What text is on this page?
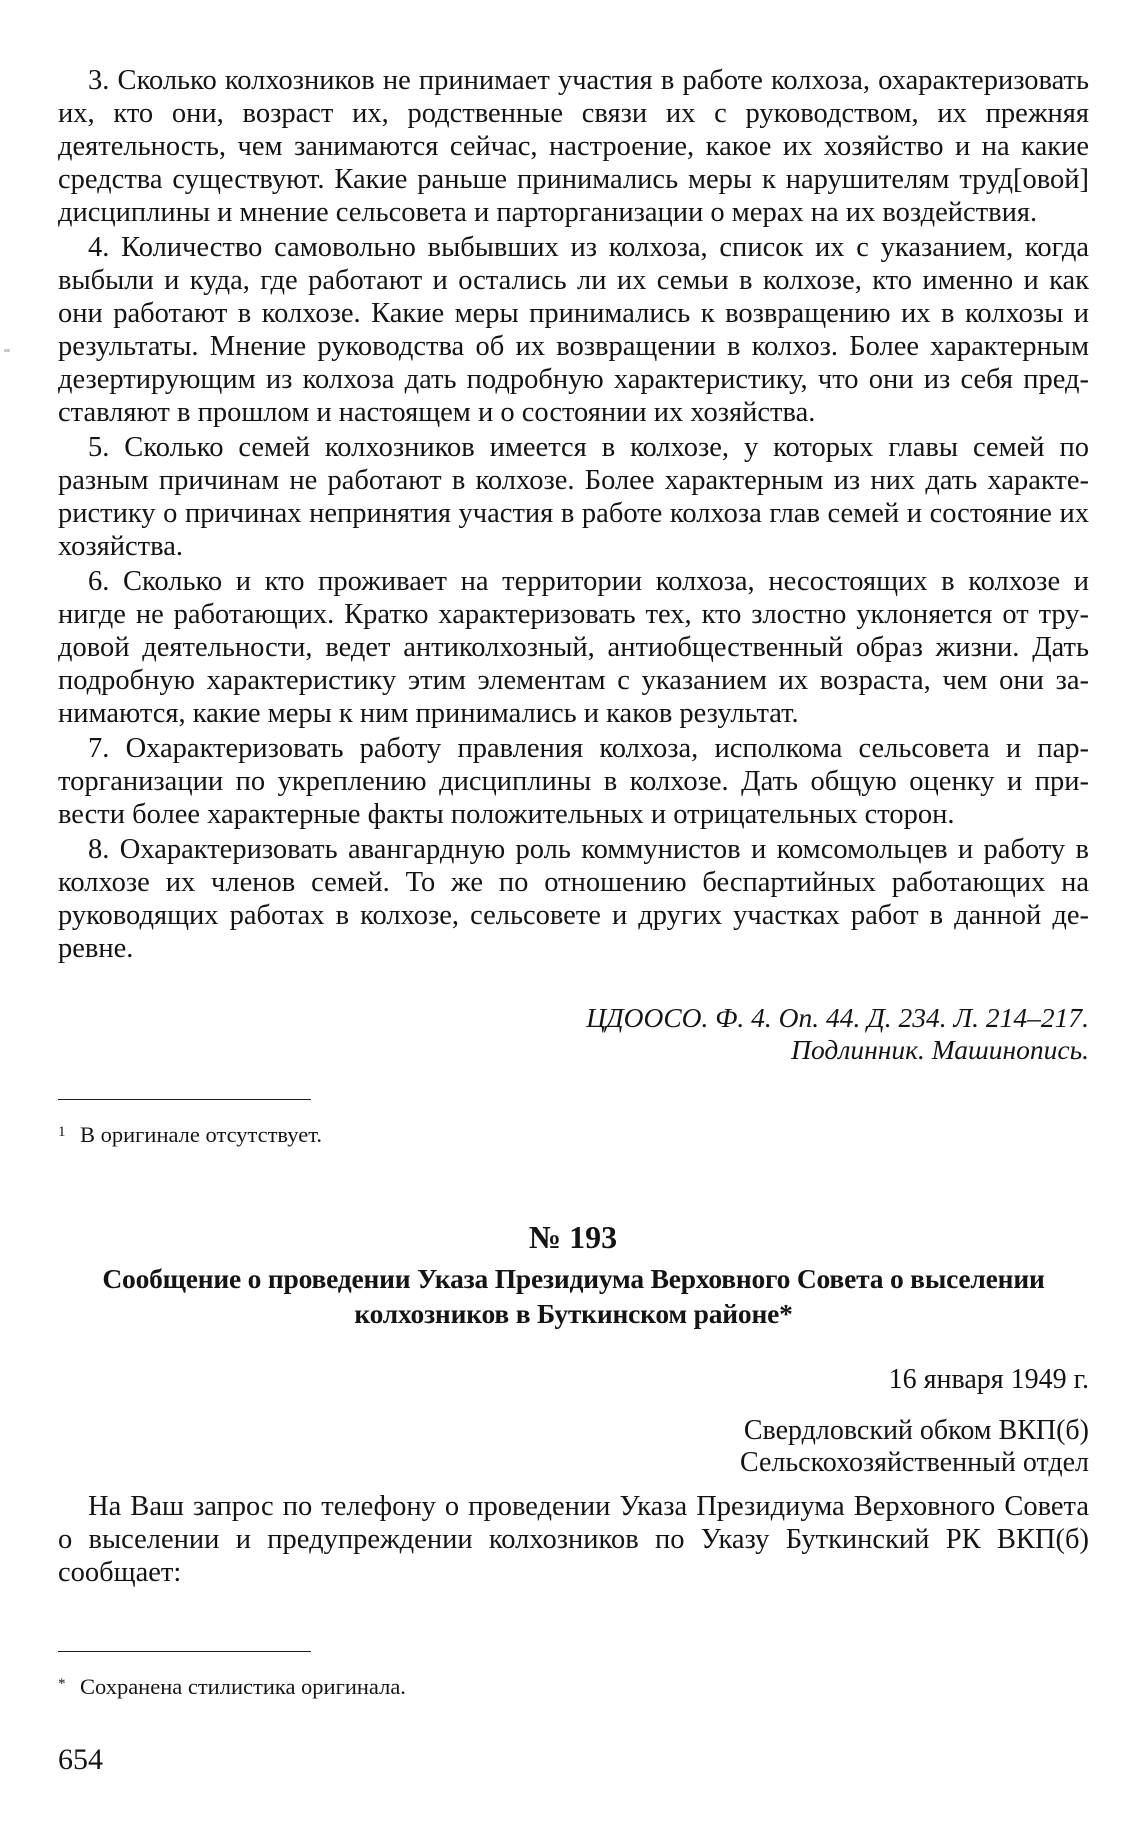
3. Сколько колхозников не принимает участия в работе колхоза, охарактеризовать их, кто они, возраст их, родственные связи их с руководством, их прежняя деятельность, чем занимаются сейчас, настроение, какое их хозяйство и на какие средства существуют. Какие раньше принимались меры к нарушителям труд[овой] дисциплины и мнение сельсовета и парторганизации о мерах на их воздействия.

4. Количество самовольно выбывших из колхоза, список их с указанием, когда выбыли и куда, где работают и остались ли их семьи в колхозе, кто именно и как они работают в колхозе. Какие меры принимались к возвращению их в колхозы и результаты. Мнение руководства об их возвращении в колхоз. Более характерным дезертирующим из колхоза дать подробную характеристику, что они из себя представляют в прошлом и настоящем и о состоянии их хозяйства.

5. Сколько семей колхозников имеется в колхозе, у которых главы семей по разным причинам не работают в колхозе. Более характерным из них дать характеристику о причинах непринятия участия в работе колхоза глав семей и состояние их хозяйства.

6. Сколько и кто проживает на территории колхоза, несостоящих в колхозе и нигде не работающих. Кратко характеризовать тех, кто злостно уклоняется от трудовой деятельности, ведет антиколхозный, антиобщественный образ жизни. Дать подробную характеристику этим элементам с указанием их возраста, чем они занимаются, какие меры к ним принимались и каков результат.

7. Охарактеризовать работу правления колхоза, исполкома сельсовета и парторганизации по укреплению дисциплины в колхозе. Дать общую оценку и привести более характерные факты положительных и отрицательных сторон.

8. Охарактеризовать авангардную роль коммунистов и комсомольцев и работу в колхозе их членов семей. То же по отношению беспартийных работающих на руководящих работах в колхозе, сельсовете и других участках работ в данной деревне.

ЦДООСО. Ф. 4. Оп. 44. Д. 234. Л. 214–217.
Подлинник. Машинопись.
1 В оригинале отсутствует.
№ 193
Сообщение о проведении Указа Президиума Верховного Совета о выселении колхозников в Буткинском районе*
16 января 1949 г.
Свердловский обком ВКП(б)
Сельскохозяйственный отдел

На Ваш запрос по телефону о проведении Указа Президиума Верховного Совета о выселении и предупреждении колхозников по Указу Буткинский РК ВКП(б) сообщает:

* Сохранена стилистика оригинала.
654
